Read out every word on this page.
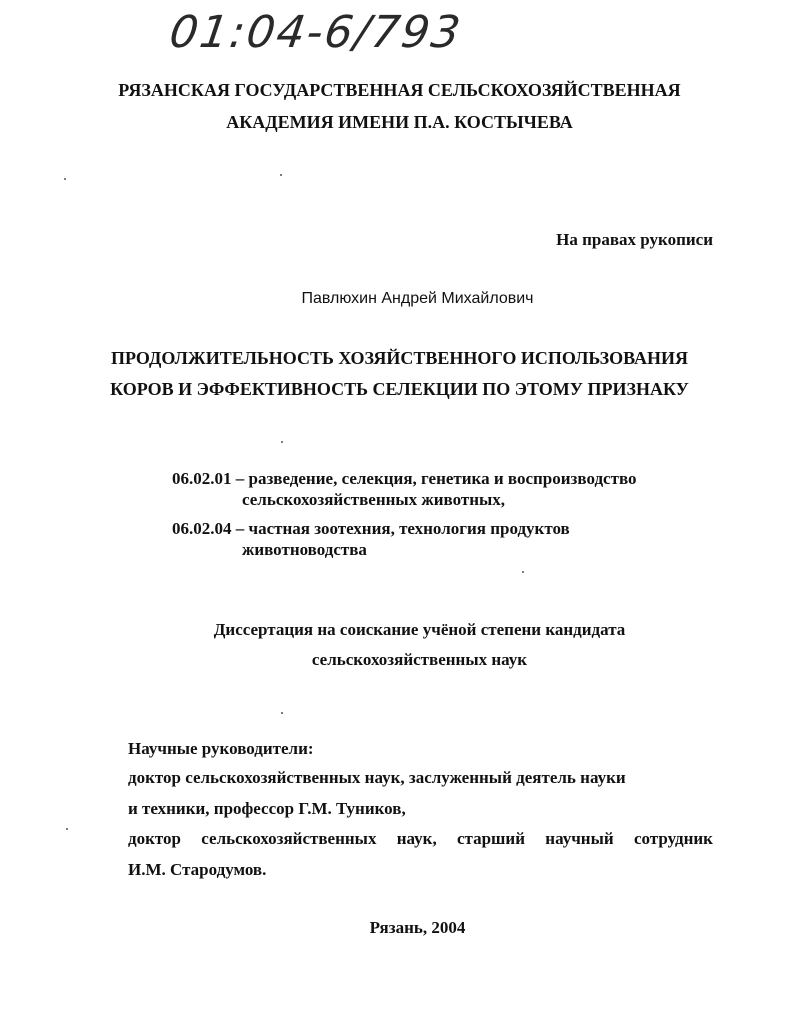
01:04-6/793
РЯЗАНСКАЯ ГОСУДАРСТВЕННАЯ СЕЛЬСКОХОЗЯЙСТВЕННАЯ
АКАДЕМИЯ ИМЕНИ П.А. КОСТЫЧЕВА
На правах рукописи
Павлюхин Андрей Михайлович
ПРОДОЛЖИТЕЛЬНОСТЬ ХОЗЯЙСТВЕННОГО ИСПОЛЬЗОВАНИЯ
КОРОВ И ЭФФЕКТИВНОСТЬ СЕЛЕКЦИИ ПО ЭТОМУ ПРИЗНАКУ
06.02.01 – разведение, селекция, генетика и воспроизводство
сельскохозяйственных животных,
06.02.04 – частная зоотехния, технология продуктов
животноводства
Диссертация на соискание учёной степени кандидата
сельскохозяйственных наук
Научные руководители:
доктор сельскохозяйственных наук, заслуженный деятель науки
и техники, профессор Г.М. Туников,
доктор сельскохозяйственных наук, старший научный сотрудник
И.М. Стародумов.
Рязань, 2004
